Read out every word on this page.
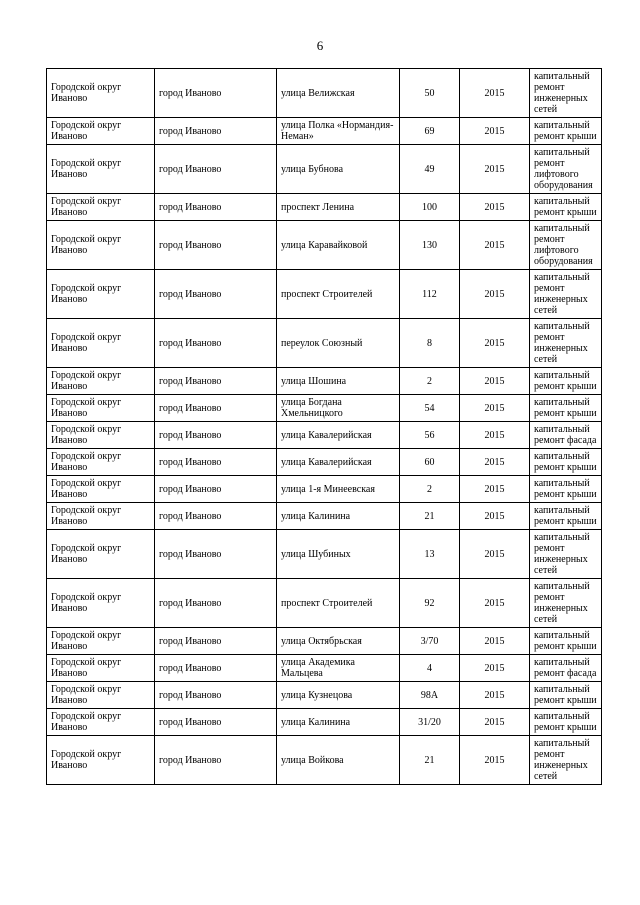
6
Городской округ Иваново	город Иваново	улица Велижская	50	2015	капитальный ремонт инженерных сетей
Городской округ Иваново	город Иваново	улица Полка «Нормандия-Неман»	69	2015	капитальный ремонт крыши
Городской округ Иваново	город Иваново	улица Бубнова	49	2015	капитальный ремонт лифтового оборудования
Городской округ Иваново	город Иваново	проспект Ленина	100	2015	капитальный ремонт крыши
Городской округ Иваново	город Иваново	улица Каравайковой	130	2015	капитальный ремонт лифтового оборудования
Городской округ Иваново	город Иваново	проспект Строителей	112	2015	капитальный ремонт инженерных сетей
Городской округ Иваново	город Иваново	переулок Союзный	8	2015	капитальный ремонт инженерных сетей
Городской округ Иваново	город Иваново	улица Шошина	2	2015	капитальный ремонт крыши
Городской округ Иваново	город Иваново	улица Богдана Хмельницкого	54	2015	капитальный ремонт крыши
Городской округ Иваново	город Иваново	улица Кавалерийская	56	2015	капитальный ремонт фасада
Городской округ Иваново	город Иваново	улица Кавалерийская	60	2015	капитальный ремонт крыши
Городской округ Иваново	город Иваново	улица 1-я Минеевская	2	2015	капитальный ремонт крыши
Городской округ Иваново	город Иваново	улица Калинина	21	2015	капитальный ремонт крыши
Городской округ Иваново	город Иваново	улица Шубиных	13	2015	капитальный ремонт инженерных сетей
Городской округ Иваново	город Иваново	проспект Строителей	92	2015	капитальный ремонт инженерных сетей
Городской округ Иваново	город Иваново	улица Октябрьская	3/70	2015	капитальный ремонт крыши
Городской округ Иваново	город Иваново	улица Академика Мальцева	4	2015	капитальный ремонт фасада
Городской округ Иваново	город Иваново	улица Кузнецова	98А	2015	капитальный ремонт крыши
Городской округ Иваново	город Иваново	улица Калинина	31/20	2015	капитальный ремонт крыши
Городской округ Иваново	город Иваново	улица Войкова	21	2015	капитальный ремонт инженерных сетей
